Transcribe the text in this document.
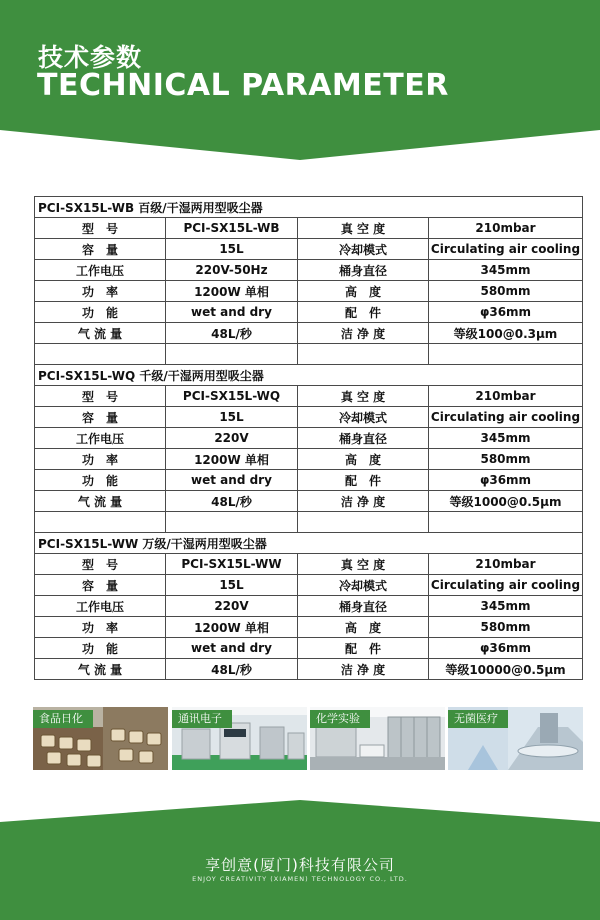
技术参数
TECHNICAL PARAMETER
PCI-SX15L-WB 百级/干湿两用型吸尘器			
型　号	PCI-SX15L-WB	真 空 度	210mbar
容　量	15L	冷却模式	Circulating air cooling
工作电压	220V-50Hz	桶身直径	345mm
功　率	1200W 单相	高　度	580mm
功　能	wet and dry	配　件	φ36mm
气 流 量	48L/秒	洁 净 度	等级100@0.3μm

PCI-SX15L-WQ 千级/干湿两用型吸尘器			
型　号	PCI-SX15L-WQ	真 空 度	210mbar
容　量	15L	冷却模式	Circulating air cooling
工作电压	220V	桶身直径	345mm
功　率	1200W 单相	高　度	580mm
功　能	wet and dry	配　件	φ36mm
气 流 量	48L/秒	洁 净 度	等级1000@0.5μm

PCI-SX15L-WW 万级/干湿两用型吸尘器			
型　号	PCI-SX15L-WW	真 空 度	210mbar
容　量	15L	冷却模式	Circulating air cooling
工作电压	220V	桶身直径	345mm
功　率	1200W 单相	高　度	580mm
功　能	wet and dry	配　件	φ36mm
气 流 量	48L/秒	洁 净 度	等级10000@0.5μm
食品日化	通讯电子	化学实验	无菌医疗
享创意(厦门)科技有限公司
ENJOY CREATIVITY (XIAMEN) TECHNOLOGY CO., LTD.
